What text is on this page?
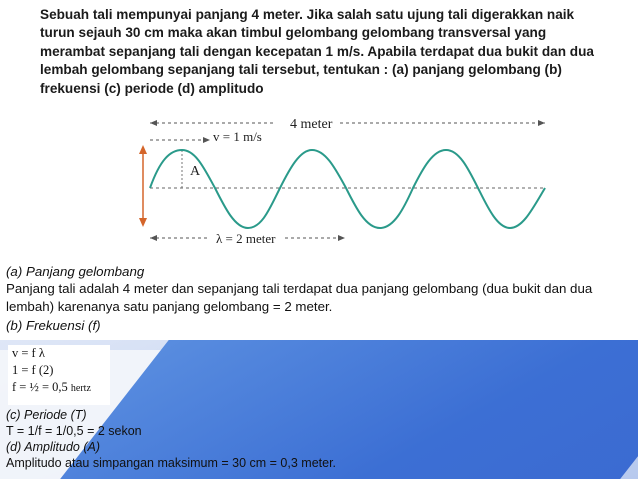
Sebuah tali mempunyai panjang 4 meter. Jika salah satu ujung tali digerakkan naik turun sejauh 30 cm maka akan timbul gelombang gelombang transversal yang merambat sepanjang tali dengan kecepatan 1 m/s. Apabila terdapat dua bukit dan dua lembah gelombang sepanjang tali tersebut, tentukan : (a) panjang gelombang (b) frekuensi (c) periode (d) amplitudo

4 meter
v = 1 m/s
A
λ = 2 meter
(a) Panjang gelombang
Panjang tali adalah 4 meter dan sepanjang tali terdapat dua panjang gelombang (dua bukit dan dua lembah) karenanya satu panjang gelombang = 2 meter.
(b) Frekuensi (f)
v = f λ
1 = f (2)
f = ½ = 0,5 hertz
(c) Periode (T)
T = 1/f = 1/0,5 = 2 sekon
(d) Amplitudo (A)
Amplitudo atau simpangan maksimum = 30 cm = 0,3 meter.
